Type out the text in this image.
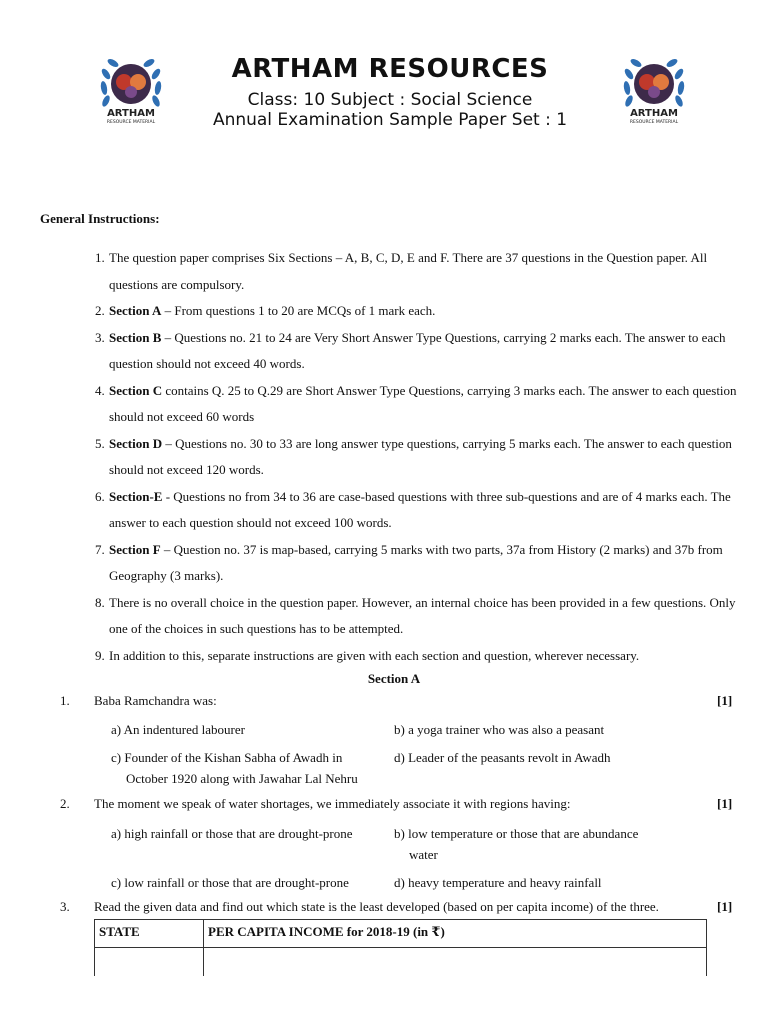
ARTHAM
RESOURCE MATERIAL
ARTHAM RESOURCES
Class: 10 Subject : Social Science
Annual Examination Sample Paper Set : 1	ARTHAM
RESOURCE MATERIAL
General Instructions:
1. The question paper comprises Six Sections – A, B, C, D, E and F. There are 37 questions in the Question paper. All questions are compulsory.
2. Section A – From questions 1 to 20 are MCQs of 1 mark each.
3. Section B – Questions no. 21 to 24 are Very Short Answer Type Questions, carrying 2 marks each. The answer to each question should not exceed 40 words.
4. Section C contains Q. 25 to Q.29 are Short Answer Type Questions, carrying 3 marks each. The answer to each question should not exceed 60 words
5. Section D – Questions no. 30 to 33 are long answer type questions, carrying 5 marks each. The answer to each question should not exceed 120 words.
6. Section-E - Questions no from 34 to 36 are case-based questions with three sub-questions and are of 4 marks each. The answer to each question should not exceed 100 words.
7. Section F – Question no. 37 is map-based, carrying 5 marks with two parts, 37a from History (2 marks) and 37b from Geography (3 marks).
8. There is no overall choice in the question paper. However, an internal choice has been provided in a few questions. Only one of the choices in such questions has to be attempted.
9. In addition to this, separate instructions are given with each section and question, wherever necessary.
Section A
1. Baba Ramchandra was:	[1]
a) An indentured labourer	b) a yoga trainer who was also a peasant
c) Founder of the Kishan Sabha of Awadh in
October 1920 along with Jawahar Lal Nehru
d) Leader of the peasants revolt in Awadh
2. The moment we speak of water shortages, we immediately associate it with regions having:	[1]
a) high rainfall or those that are drought-prone	b) low temperature or those that are abundance
water
c) low rainfall or those that are drought-prone	d) heavy temperature and heavy rainfall
3. Read the given data and find out which state is the least developed (based on per capita income) of the three.	[1]
STATE	PER CAPITA INCOME for 2018-19 (in ₹)
